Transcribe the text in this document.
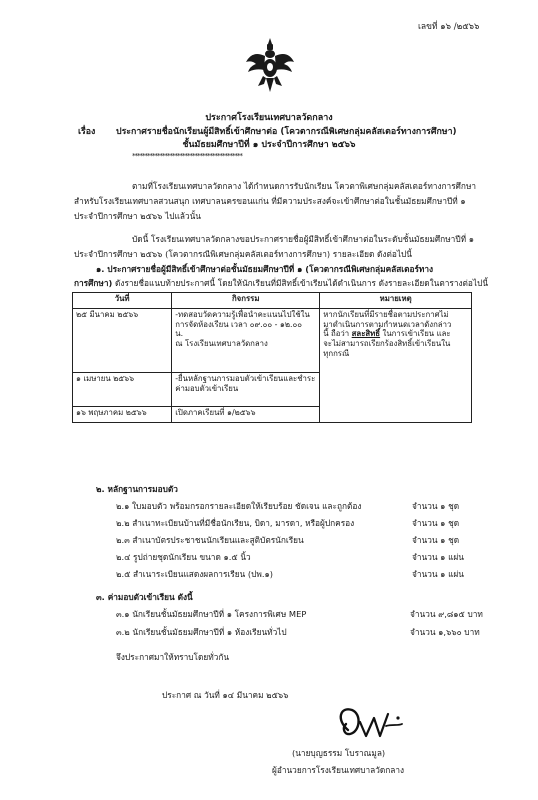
เลขที่ ๑๖ /๒๕๖๖
ประกาศโรงเรียนเทศบาลวัดกลาง
เรื่อง ประกาศรายชื่อนักเรียนผู้มีสิทธิ์เข้าศึกษาต่อ (โควตากรณีพิเศษกลุ่มคลัสเตอร์ทางการศึกษา)
ชั้นมัธยมศึกษาปีที่ ๑ ประจำปีการศึกษา ๒๕๖๖
********************************************
ตามที่โรงเรียนเทศบาลวัดกลาง ได้กำหนดการรับนักเรียน โควตาพิเศษกลุ่มคลัสเตอร์ทางการศึกษา
สำหรับโรงเรียนเทศบาลสวนสนุก เทศบาลนครขอนแก่น ที่มีความประสงค์จะเข้าศึกษาต่อในชั้นมัธยมศึกษาปีที่ ๑
ประจำปีการศึกษา ๒๕๖๖ ไปแล้วนั้น
บัดนี้ โรงเรียนเทศบาลวัดกลางขอประกาศรายชื่อผู้มีสิทธิ์เข้าศึกษาต่อในระดับชั้นมัธยมศึกษาปีที่ ๑
ประจำปีการศึกษา ๒๕๖๖ (โควตากรณีพิเศษกลุ่มคลัสเตอร์ทางการศึกษา) รายละเอียด ดังต่อไปนี้
๑. ประกาศรายชื่อผู้มีสิทธิ์เข้าศึกษาต่อชั้นมัธยมศึกษาปีที่ ๑ (โควตากรณีพิเศษกลุ่มคลัสเตอร์ทาง
การศึกษา) ดังรายชื่อแนบท้ายประกาศนี้ โดยให้นักเรียนที่มีสิทธิ์เข้าเรียนได้ดำเนินการ ดังรายละเอียดในตารางต่อไปนี้
วันที่	กิจกรรม	หมายเหตุ
๒๕ มีนาคม ๒๕๖๖	-ทดสอบวัดความรู้เพื่อนำคะแนนไปใช้ใน
การจัดห้องเรียน เวลา ๐๙.๐๐ - ๑๒.๐๐
น.
ณ โรงเรียนเทศบาลวัดกลาง	หากนักเรียนที่มีรายชื่อตามประกาศไม่
มาดำเนินการตามกำหนดเวลาดังกล่าว
นี้ ถือว่า สละสิทธิ์ ในการเข้าเรียน และ
จะไม่สามารถเรียกร้องสิทธิ์เข้าเรียนใน
ทุกกรณี

๑ เมษายน ๒๕๖๖	-ยื่นหลักฐานการมอบตัวเข้าเรียนและชำระ
ค่ามอบตัวเข้าเรียน	

๑๖ พฤษภาคม ๒๕๖๖	เปิดภาคเรียนที่ ๑/๒๕๖๖	
๒. หลักฐานการมอบตัว
๒.๑ ใบมอบตัว พร้อมกรอกรายละเอียดให้เรียบร้อย ชัดเจน และถูกต้อง	จำนวน ๑ ชุด
๒.๒ สำเนาทะเบียนบ้านที่มีชื่อนักเรียน, บิดา, มารดา, หรือผู้ปกครอง	จำนวน ๑ ชุด
๒.๓ สำเนาบัตรประชาชนนักเรียนและสูติบัตรนักเรียน	จำนวน ๑ ชุด
๒.๔ รูปถ่ายชุดนักเรียน ขนาด ๑.๕ นิ้ว	จำนวน ๑ แผ่น
๒.๕ สำเนาระเบียนแสดงผลการเรียน (ปพ.๑)	จำนวน ๑ แผ่น
๓. ค่ามอบตัวเข้าเรียน ดังนี้
๓.๑ นักเรียนชั้นมัธยมศึกษาปีที่ ๑ โครงการพิเศษ MEP	จำนวน ๙,๘๑๕ บาท
๓.๒ นักเรียนชั้นมัธยมศึกษาปีที่ ๑ ห้องเรียนทั่วไป	จำนวน ๑,๖๖๐ บาท
จึงประกาศมาให้ทราบโดยทั่วกัน
ประกาศ ณ วันที่ ๑๔ มีนาคม ๒๕๖๖
(นายบุญธรรม โบราณมูล)
ผู้อำนวยการโรงเรียนเทศบาลวัดกลาง
